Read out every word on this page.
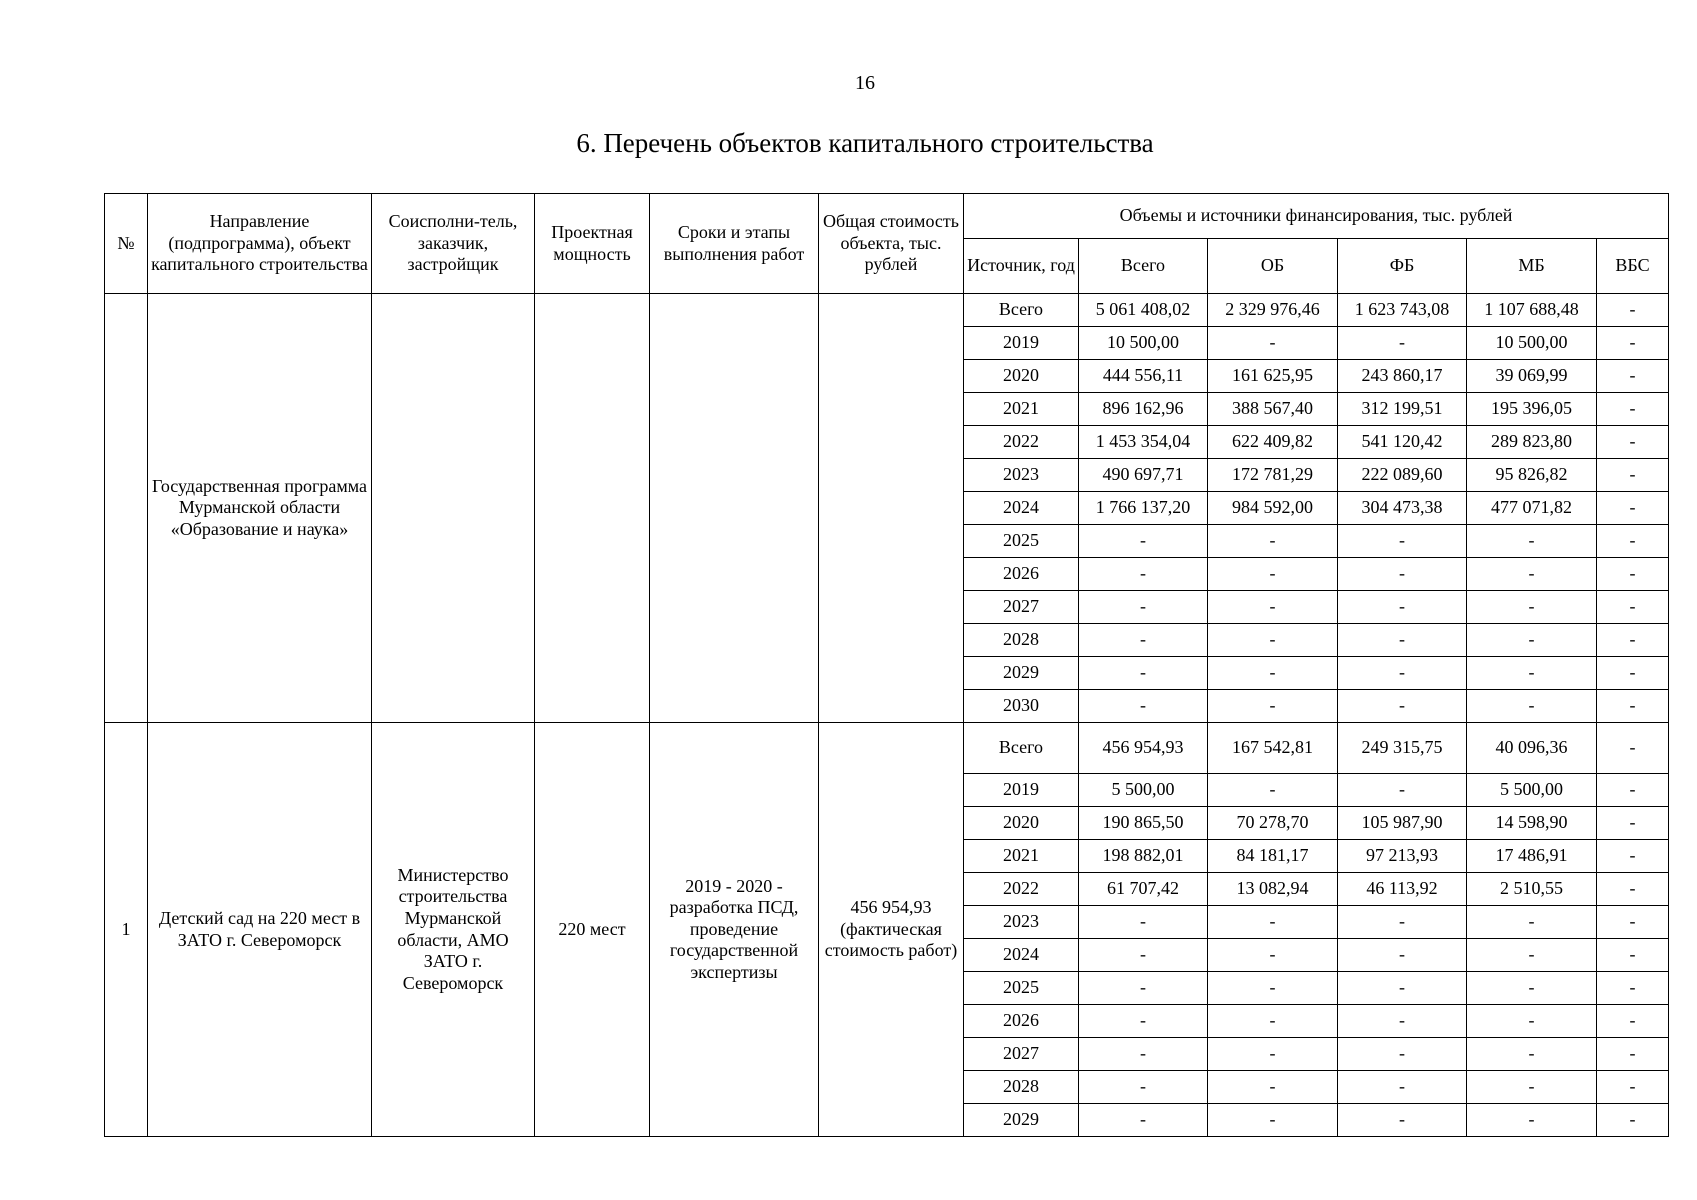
16
6. Перечень объектов капитального строительства
№	Направление (подпрограмма), объект капитального строительства	Соисполни-тель, заказчик, застройщик	Проектная мощность	Сроки и этапы выполнения работ	Общая стоимость объекта, тыс. рублей	Объемы и источники финансирования, тыс. рублей					
						Источник, год	Всего	ОБ	ФБ	МБ	ВБС
	Государственная программа Мурманской области «Образование и наука»					Всего	5 061 408,02	2 329 976,46	1 623 743,08	1 107 688,48	-
						2019	10 500,00	-	-	10 500,00	-
						2020	444 556,11	161 625,95	243 860,17	39 069,99	-
						2021	896 162,96	388 567,40	312 199,51	195 396,05	-
						2022	1 453 354,04	622 409,82	541 120,42	289 823,80	-
						2023	490 697,71	172 781,29	222 089,60	95 826,82	-
						2024	1 766 137,20	984 592,00	304 473,38	477 071,82	-
						2025	-	-	-	-	-
						2026	-	-	-	-	-
						2027	-	-	-	-	-
						2028	-	-	-	-	-
						2029	-	-	-	-	-
						2030	-	-	-	-	-
1	Детский сад на 220 мест в ЗАТО г. Североморск	Министерство строительства Мурманской области, АМО ЗАТО г. Североморск	220 мест	2019 - 2020 - разработка ПСД, проведение государственной экспертизы	456 954,93 (фактическая стоимость работ)	Всего	456 954,93	167 542,81	249 315,75	40 096,36	-
						2019	5 500,00	-	-	5 500,00	-
						2020	190 865,50	70 278,70	105 987,90	14 598,90	-
						2021	198 882,01	84 181,17	97 213,93	17 486,91	-
						2022	61 707,42	13 082,94	46 113,92	2 510,55	-
						2023	-	-	-	-	-
						2024	-	-	-	-	-
						2025	-	-	-	-	-
						2026	-	-	-	-	-
						2027	-	-	-	-	-
						2028	-	-	-	-	-
						2029	-	-	-	-	-
